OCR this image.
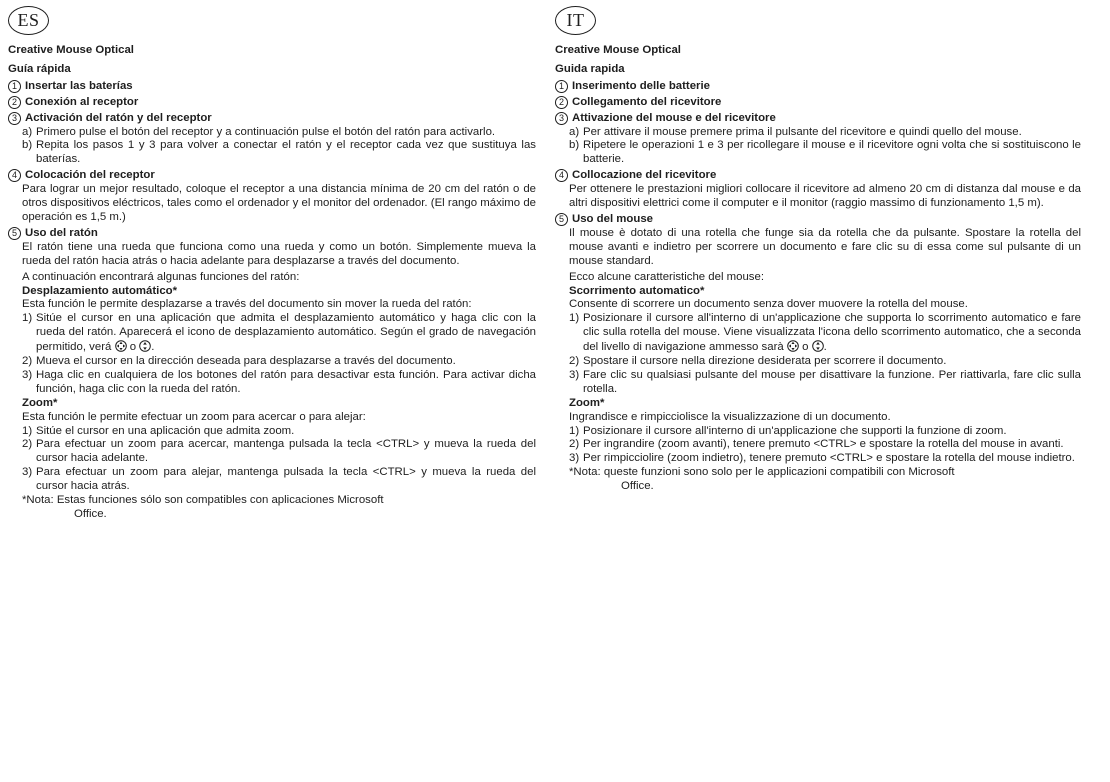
ES

Creative Mouse Optical

Guía rápida

1 Insertar las baterías
2 Conexión al receptor
3 Activación del ratón y del receptor
a) Primero pulse el botón del receptor y a continuación pulse el botón del ratón para activarlo.
b) Repita los pasos 1 y 3 para volver a conectar el ratón y el receptor cada vez que sustituya las baterías.
4 Colocación del receptor

Para lograr un mejor resultado, coloque el receptor a una distancia mínima de 20 cm del ratón o de otros dispositivos eléctricos, tales como el ordenador y el monitor del ordenador. (El rango máximo de operación es 1,5 m.)

5 Uso del ratón

El ratón tiene una rueda que funciona como una rueda y como un botón. Simplemente mueva la rueda del ratón hacia atrás o hacia adelante para desplazarse a través del documento.

A continuación encontrará algunas funciones del ratón:

Desplazamiento automático*

Esta función le permite desplazarse a través del documento sin mover la rueda del ratón:

1) Sitúe el cursor en una aplicación que admita el desplazamiento automático y haga clic con la rueda del ratón. Aparecerá el icono de desplazamiento automático. Según el grado de navegación permitido, verá o .
2) Mueva el cursor en la dirección deseada para desplazarse a través del documento.
3) Haga clic en cualquiera de los botones del ratón para desactivar esta función. Para activar dicha función, haga clic con la rueda del ratón.

Zoom*

Esta función le permite efectuar un zoom para acercar o para alejar:

1) Sitúe el cursor en una aplicación que admita zoom.
2) Para efectuar un zoom para acercar, mantenga pulsada la tecla <CTRL> y mueva la rueda del cursor hacia adelante.
3) Para efectuar un zoom para alejar, mantenga pulsada la tecla <CTRL> y mueva la rueda del cursor hacia atrás.

*Nota: Estas funciones sólo son compatibles con aplicaciones Microsoft

Office.

IT

Creative Mouse Optical

Guida rapida

1 Inserimento delle batterie
2 Collegamento del ricevitore
3 Attivazione del mouse e del ricevitore
a) Per attivare il mouse premere prima il pulsante del ricevitore e quindi quello del mouse.
b) Ripetere le operazioni 1 e 3 per ricollegare il mouse e il ricevitore ogni volta che si sostituiscono le batterie.
4 Collocazione del ricevitore

Per ottenere le prestazioni migliori collocare il ricevitore ad almeno 20 cm di distanza dal mouse e da altri dispositivi elettrici come il computer e il monitor (raggio massimo di funzionamento 1,5 m).

5 Uso del mouse

Il mouse è dotato di una rotella che funge sia da rotella che da pulsante. Spostare la rotella del mouse avanti e indietro per scorrere un documento e fare clic su di essa come sul pulsante di un mouse standard.

Ecco alcune caratteristiche del mouse:

Scorrimento automatico*

Consente di scorrere un documento senza dover muovere la rotella del mouse.

1) Posizionare il cursore all'interno di un'applicazione che supporta lo scorrimento automatico e fare clic sulla rotella del mouse. Viene visualizzata l'icona dello scorrimento automatico, che a seconda del livello di navigazione ammesso sarà o .
2) Spostare il cursore nella direzione desiderata per scorrere il documento.
3) Fare clic su qualsiasi pulsante del mouse per disattivare la funzione. Per riattivarla, fare clic sulla rotella.

Zoom*

Ingrandisce e rimpicciolisce la visualizzazione di un documento.

1) Posizionare il cursore all'interno di un'applicazione che supporti la funzione di zoom.
2) Per ingrandire (zoom avanti), tenere premuto <CTRL> e spostare la rotella del mouse in avanti.
3) Per rimpicciolire (zoom indietro), tenere premuto <CTRL> e spostare la rotella del mouse indietro.

*Nota: queste funzioni sono solo per le applicazioni compatibili con Microsoft

Office.
